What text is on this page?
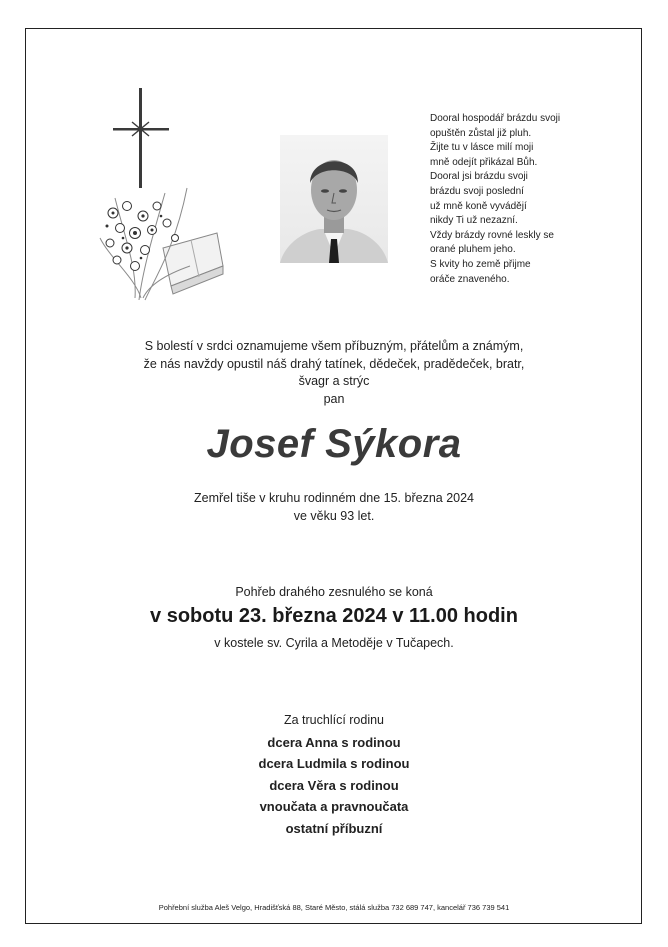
Dooral hospodář brázdu svoji
opuštěn zůstal již pluh.
Žijte tu v lásce milí moji
mně odejít přikázal Bůh.
Dooral jsi brázdu svoji
brázdu svoji poslední
už mně koně vyvádějí
nikdy Ti už nezazní.
Vždy brázdy rovné leskly se
orané pluhem jeho.
S kvity ho země přijme
oráče znaveného.
S bolestí v srdci oznamujeme všem příbuzným, přátelům a známým,
že nás navždy opustil náš drahý tatínek, dědeček, pradědeček, bratr,
švagr a strýc
pan
Josef Sýkora
Zemřel tiše v kruhu rodinném dne 15. března 2024
ve věku 93 let.
Pohřeb drahého zesnulého se koná
v sobotu 23. března 2024 v 11.00 hodin
v kostele sv. Cyrila a Metoděje v Tučapech.
Za truchlící rodinu
dcera Anna s rodinou
dcera Ludmila s rodinou
dcera Věra s rodinou
vnoučata a pravnoučata
ostatní příbuzní
Pohřební služba Aleš Velgo, Hradišťská 88, Staré Město, stálá služba 732 689 747, kancelář 736 739 541
